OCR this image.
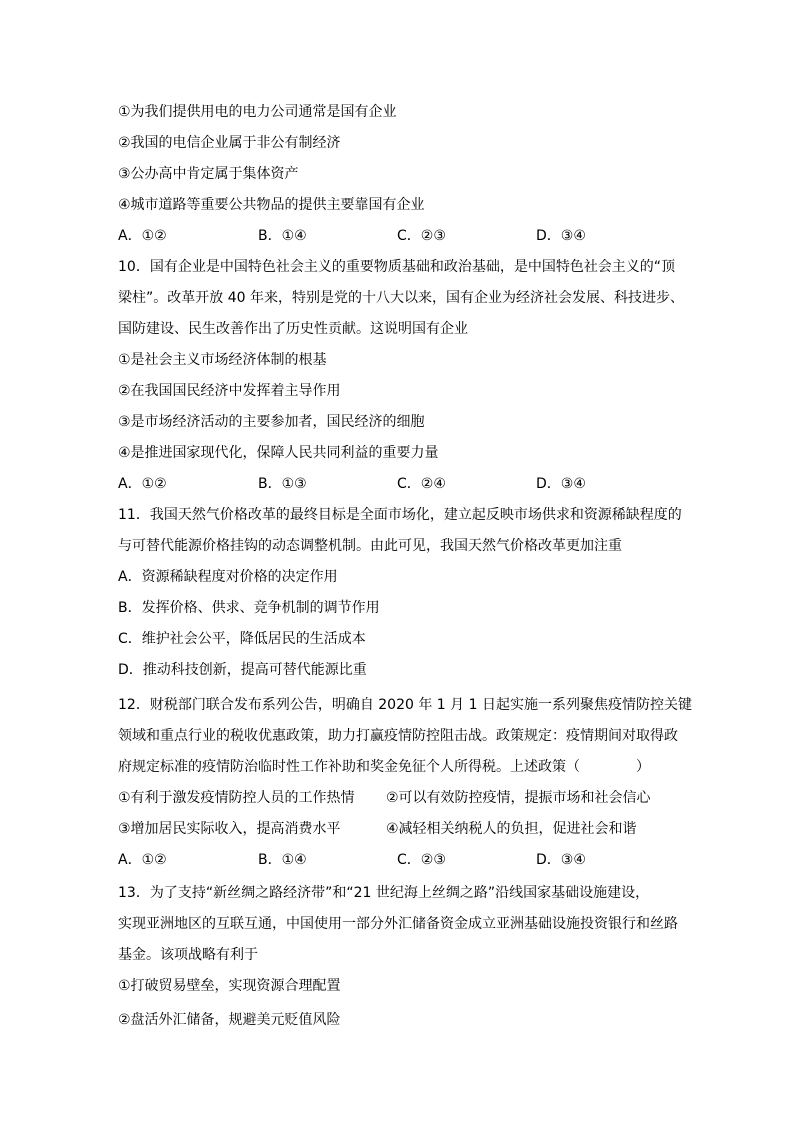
①为我们提供用电的电力公司通常是国有企业
②我国的电信企业属于非公有制经济
③公办高中肯定属于集体资产
④城市道路等重要公共物品的提供主要靠国有企业
A．①②	B．①④	C．②③	D．③④
10．国有企业是中国特色社会主义的重要物质基础和政治基础，是中国特色社会主义的“顶
梁柱”。改革开放 40 年来，特别是党的十八大以来，国有企业为经济社会发展、科技进步、
国防建设、民生改善作出了历史性贡献。这说明国有企业
①是社会主义市场经济体制的根基
②在我国国民经济中发挥着主导作用
③是市场经济活动的主要参加者，国民经济的细胞
④是推进国家现代化，保障人民共同利益的重要力量
A．①②	B．①③	C．②④	D．③④
11．我国天然气价格改革的最终目标是全面市场化，建立起反映市场供求和资源稀缺程度的
与可替代能源价格挂钩的动态调整机制。由此可见，我国天然气价格改革更加注重
A．资源稀缺程度对价格的决定作用
B．发挥价格、供求、竞争机制的调节作用
C．维护社会公平，降低居民的生活成本
D．推动科技创新，提高可替代能源比重
12．财税部门联合发布系列公告，明确自 2020 年 1 月 1 日起实施一系列聚焦疫情防控关键
领域和重点行业的税收优惠政策，助力打赢疫情防控阻击战。政策规定：疫情期间对取得政
府规定标准的疫情防治临时性工作补助和奖金免征个人所得税。上述政策（　　　　）
①有利于激发疫情防控人员的工作热情 ②可以有效防控疫情，提振市场和社会信心
③增加居民实际收入，提高消费水平	④减轻相关纳税人的负担，促进社会和谐
A．①②	B．①④	C．②③	D．③④
13．为了支持“新丝绸之路经济带”和“21 世纪海上丝绸之路”沿线国家基础设施建设，
实现亚洲地区的互联互通，中国使用一部分外汇储备资金成立亚洲基础设施投资银行和丝路
基金。该项战略有利于
①打破贸易壁垒，实现资源合理配置
②盘活外汇储备，规避美元贬值风险
